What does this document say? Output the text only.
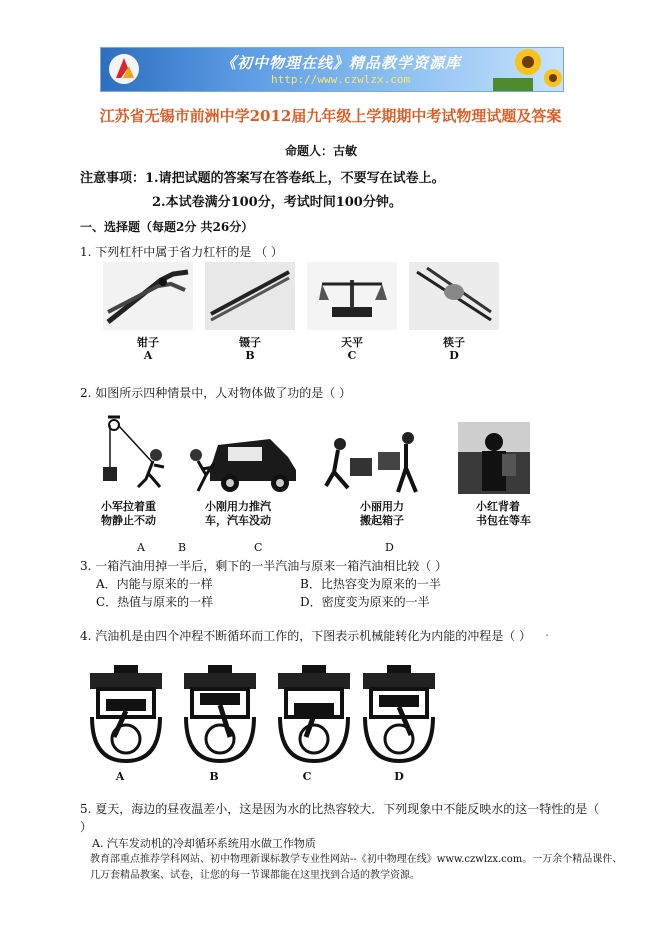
《初中物理在线》精品教学资源库
http://www.czwlzx.com
江苏省无锡市前洲中学2012届九年级上学期期中考试物理试题及答案
命题人：古敏
注意事项：1.请把试题的答案写在答卷纸上，不要写在试卷上。
2.本试卷满分100分，考试时间100分钟。
一、选择题（每题2分 共26分）
1. 下列杠杆中属于省力杠杆的是 （ ）
钳子	镊子	天平	筷子
A	B	C	D
2. 如图所示四种情景中，人对物体做了功的是（ ）
小军拉着重
物静止不动
小刚用力推汽
车，汽车没动
小丽用力
搬起箱子
小红背着
书包在等车
A	B	C	D
3. 一箱汽油用掉一半后，剩下的一半汽油与原来一箱汽油相比较（ ）
A．内能与原来的一样	B．比热容变为原来的一半
C．热值与原来的一样	D．密度变为原来的一半
4. 汽油机是由四个冲程不断循环而工作的，下图表示机械能转化为内能的冲程是（ ） .
A	B	C	D
5. 夏天，海边的昼夜温差小，这是因为水的比热容较大．下列现象中不能反映水的这一特性的是（ ）
A. 汽车发动机的冷却循环系统用水做工作物质
教育部重点推荐学科网站、初中物理新课标教学专业性网站--《初中物理在线》www.czwlzx.com。一万余个精品课件、
几万套精品教案、试卷，让您的每一节课都能在这里找到合适的教学资源。
